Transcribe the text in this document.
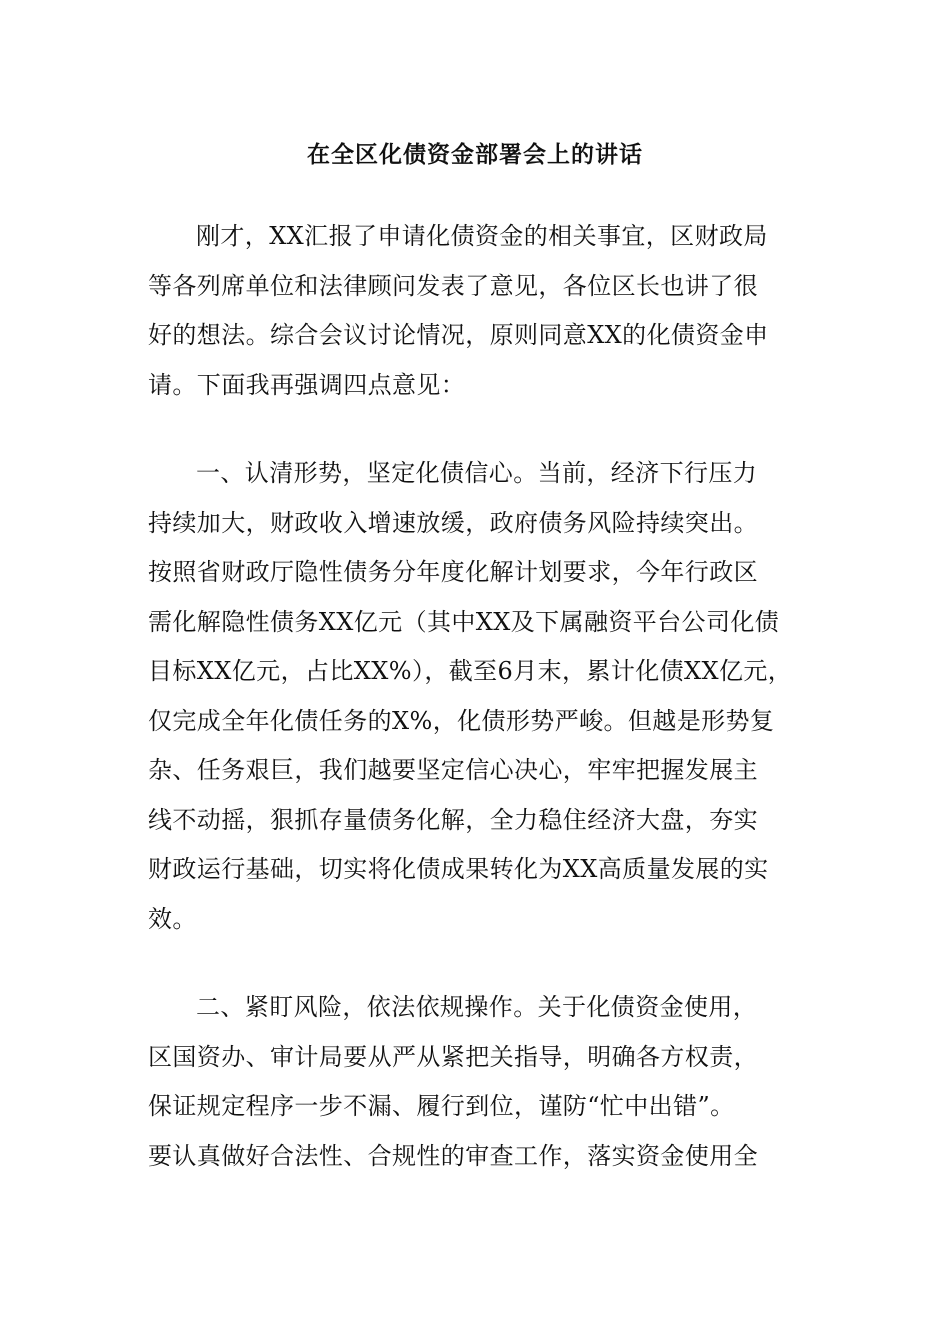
在全区化债资金部署会上的讲话

刚才，XX汇报了申请化债资金的相关事宜，区财政局
等各列席单位和法律顾问发表了意见，各位区长也讲了很
好的想法。综合会议讨论情况，原则同意XX的化债资金申
请。下面我再强调四点意见：

一、认清形势，坚定化债信心。当前，经济下行压力
持续加大，财政收入增速放缓，政府债务风险持续突出。
按照省财政厅隐性债务分年度化解计划要求，今年行政区
需化解隐性债务XX亿元（其中XX及下属融资平台公司化债
目标XX亿元，占比XX%），截至6月末，累计化债XX亿元，
仅完成全年化债任务的X%，化债形势严峻。但越是形势复
杂、任务艰巨，我们越要坚定信心决心，牢牢把握发展主
线不动摇，狠抓存量债务化解，全力稳住经济大盘，夯实
财政运行基础，切实将化债成果转化为XX高质量发展的实
效。

二、紧盯风险，依法依规操作。关于化债资金使用，
区国资办、审计局要从严从紧把关指导，明确各方权责，
保证规定程序一步不漏、履行到位，谨防“忙中出错”。
要认真做好合法性、合规性的审查工作，落实资金使用全
